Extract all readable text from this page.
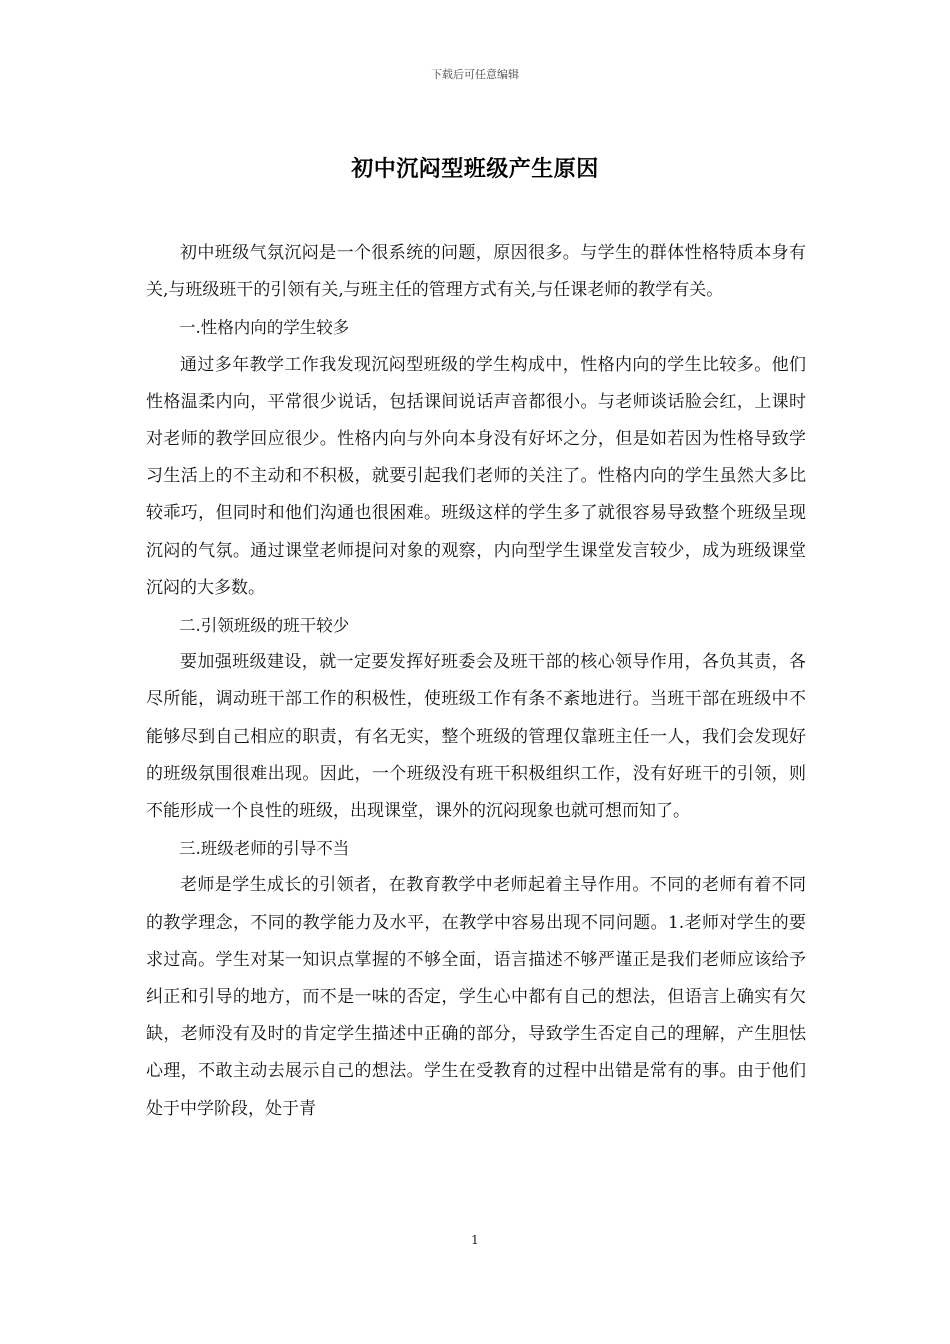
下载后可任意编辑
初中沉闷型班级产生原因

初中班级气氛沉闷是一个很系统的问题，原因很多。与学生的群体性格特质本身有关,与班级班干的引领有关,与班主任的管理方式有关,与任课老师的教学有关。

一.性格内向的学生较多

通过多年教学工作我发现沉闷型班级的学生构成中，性格内向的学生比较多。他们性格温柔内向，平常很少说话，包括课间说话声音都很小。与老师谈话脸会红，上课时对老师的教学回应很少。性格内向与外向本身没有好坏之分，但是如若因为性格导致学习生活上的不主动和不积极，就要引起我们老师的关注了。性格内向的学生虽然大多比较乖巧，但同时和他们沟通也很困难。班级这样的学生多了就很容易导致整个班级呈现沉闷的气氛。通过课堂老师提问对象的观察，内向型学生课堂发言较少，成为班级课堂沉闷的大多数。

二.引领班级的班干较少

要加强班级建设，就一定要发挥好班委会及班干部的核心领导作用，各负其责，各尽所能，调动班干部工作的积极性，使班级工作有条不紊地进行。当班干部在班级中不能够尽到自己相应的职责，有名无实，整个班级的管理仅靠班主任一人，我们会发现好的班级氛围很难出现。因此，一个班级没有班干积极组织工作，没有好班干的引领，则不能形成一个良性的班级，出现课堂，课外的沉闷现象也就可想而知了。

三.班级老师的引导不当

老师是学生成长的引领者，在教育教学中老师起着主导作用。不同的老师有着不同的教学理念，不同的教学能力及水平，在教学中容易出现不同问题。1.老师对学生的要求过高。学生对某一知识点掌握的不够全面，语言描述不够严谨正是我们老师应该给予纠正和引导的地方，而不是一味的否定，学生心中都有自己的想法，但语言上确实有欠缺，老师没有及时的肯定学生描述中正确的部分，导致学生否定自己的理解，产生胆怯心理，不敢主动去展示自己的想法。学生在受教育的过程中出错是常有的事。由于他们处于中学阶段，处于青

1
